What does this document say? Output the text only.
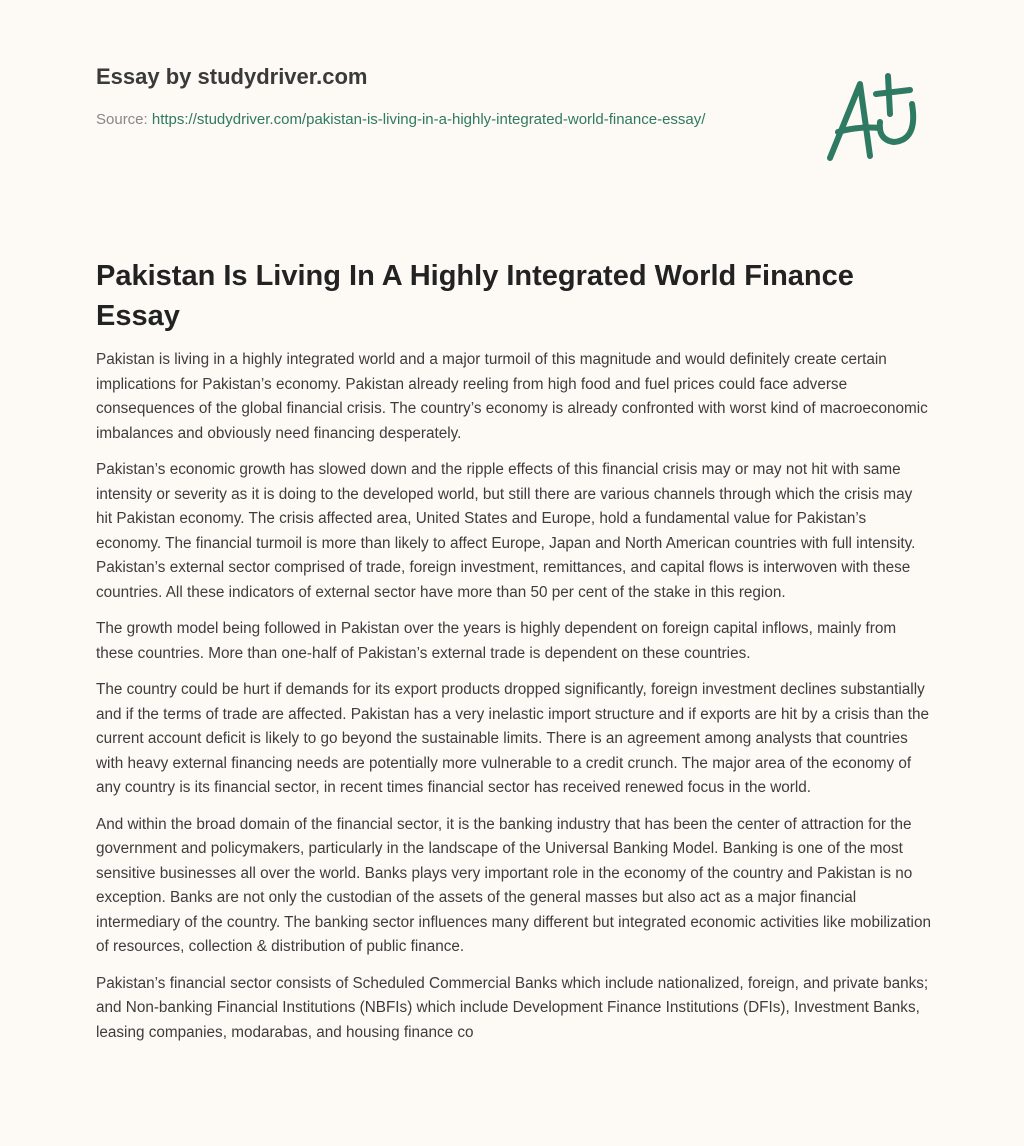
Essay by studydriver.com
Source: https://studydriver.com/pakistan-is-living-in-a-highly-integrated-world-finance-essay/
Pakistan Is Living In A Highly Integrated World Finance Essay

Pakistan is living in a highly integrated world and a major turmoil of this magnitude and would definitely create certain implications for Pakistan’s economy. Pakistan already reeling from high food and fuel prices could face adverse consequences of the global financial crisis. The country’s economy is already confronted with worst kind of macroeconomic imbalances and obviously need financing desperately.

Pakistan’s economic growth has slowed down and the ripple effects of this financial crisis may or may not hit with same intensity or severity as it is doing to the developed world, but still there are various channels through which the crisis may hit Pakistan economy. The crisis affected area, United States and Europe, hold a fundamental value for Pakistan’s economy. The financial turmoil is more than likely to affect Europe, Japan and North American countries with full intensity. Pakistan’s external sector comprised of trade, foreign investment, remittances, and capital flows is interwoven with these countries. All these indicators of external sector have more than 50 per cent of the stake in this region.

The growth model being followed in Pakistan over the years is highly dependent on foreign capital inflows, mainly from these countries. More than one-half of Pakistan’s external trade is dependent on these countries.

The country could be hurt if demands for its export products dropped significantly, foreign investment declines substantially and if the terms of trade are affected. Pakistan has a very inelastic import structure and if exports are hit by a crisis than the current account deficit is likely to go beyond the sustainable limits. There is an agreement among analysts that countries with heavy external financing needs are potentially more vulnerable to a credit crunch. The major area of the economy of any country is its financial sector, in recent times financial sector has received renewed focus in the world.

And within the broad domain of the financial sector, it is the banking industry that has been the center of attraction for the government and policymakers, particularly in the landscape of the Universal Banking Model. Banking is one of the most sensitive businesses all over the world. Banks plays very important role in the economy of the country and Pakistan is no exception. Banks are not only the custodian of the assets of the general masses but also act as a major financial intermediary of the country. The banking sector influences many different but integrated economic activities like mobilization of resources, collection & distribution of public finance.

Pakistan’s financial sector consists of Scheduled Commercial Banks which include nationalized, foreign, and private banks; and Non-banking Financial Institutions (NBFIs) which include Development Finance Institutions (DFIs), Investment Banks, leasing companies, modarabas, and housing finance co
